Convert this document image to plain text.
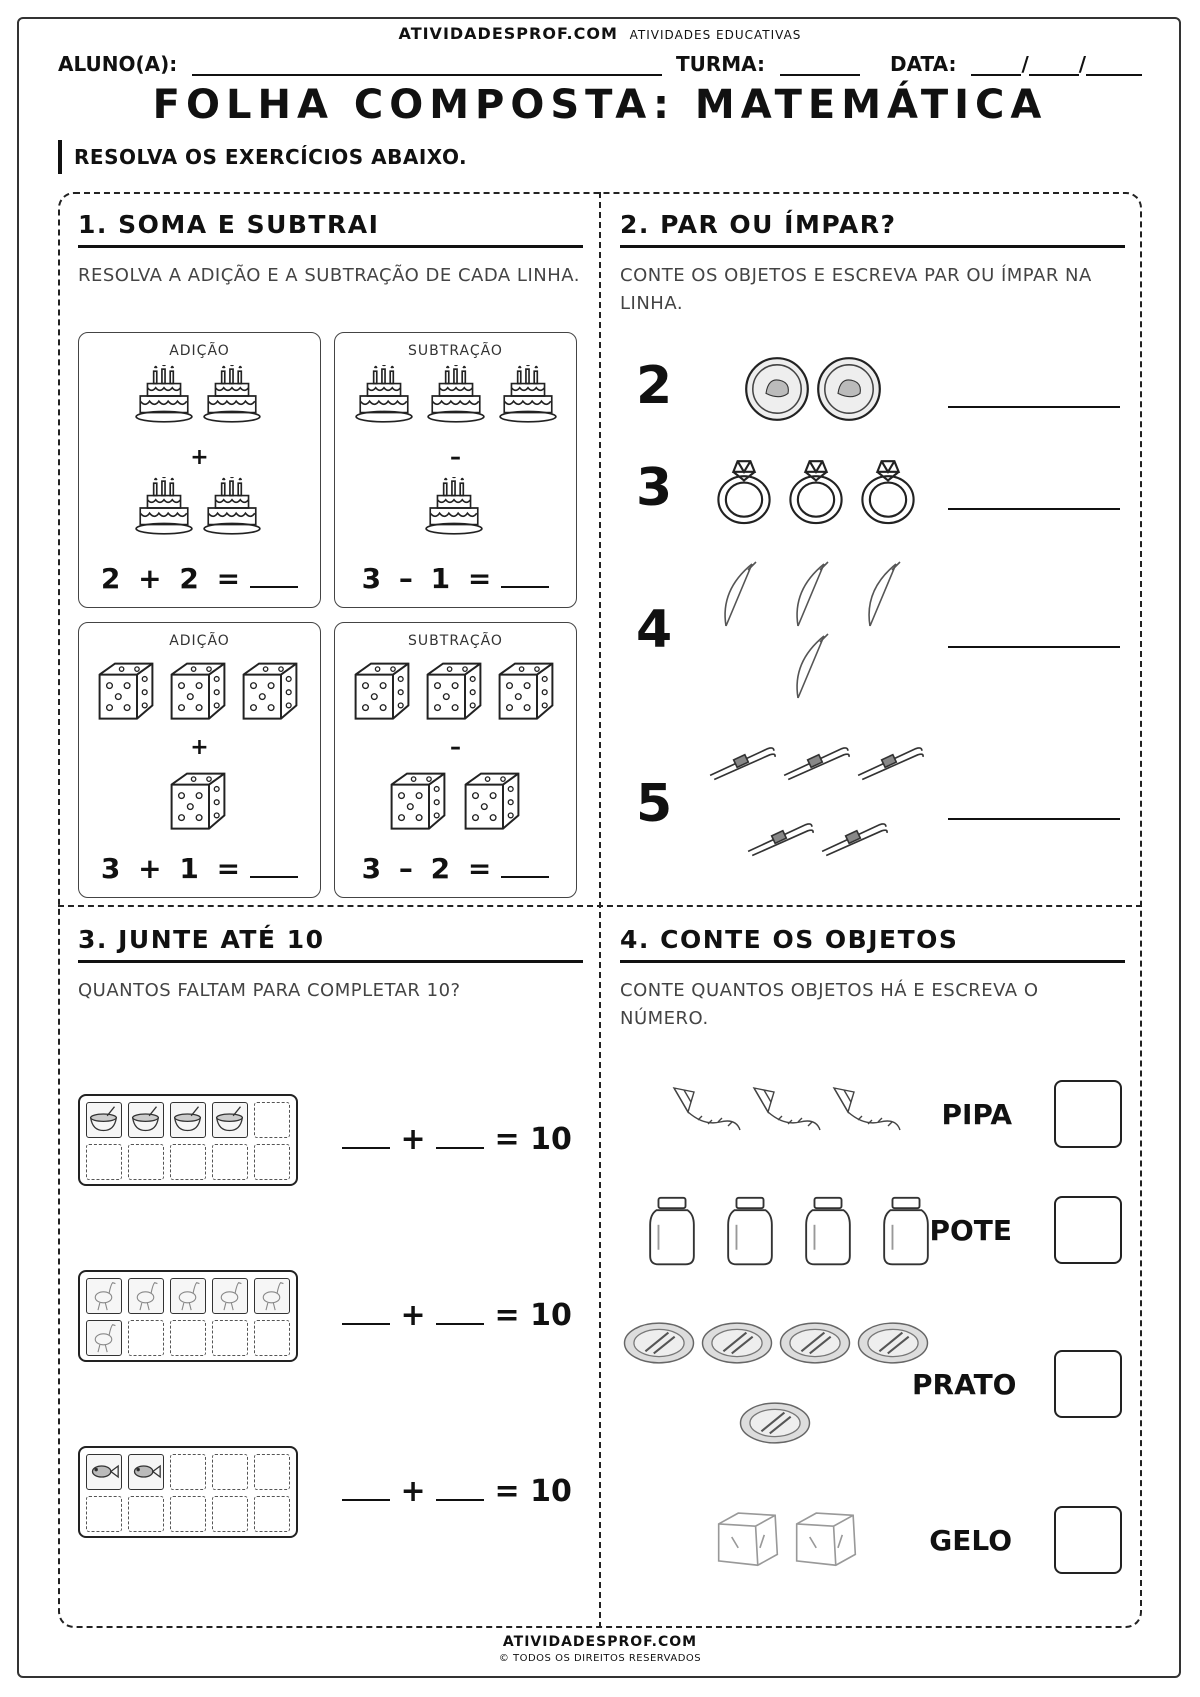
ATIVIDADESPROF.COM ATIVIDADES EDUCATIVAS
ALUNO(A):	TURMA:	DATA:	/	/
FOLHA COMPOSTA: MATEMÁTICA
RESOLVA OS EXERCÍCIOS ABAIXO.
1. SOMA E SUBTRAI
RESOLVA A ADIÇÃO E A SUBTRAÇÃO DE CADA LINHA.
ADIÇÃO
+
2 + 2 =
SUBTRAÇÃO
–
3 – 1 =
ADIÇÃO
+
3 + 1 =
SUBTRAÇÃO
–
3 – 2 =
2. PAR OU ÍMPAR?
CONTE OS OBJETOS E ESCREVA PAR OU ÍMPAR NA LINHA.
2
3
4
5
3. JUNTE ATÉ 10
QUANTOS FALTAM PARA COMPLETAR 10?
+ = 10
+ = 10
+ = 10
4. CONTE OS OBJETOS
CONTE QUANTOS OBJETOS HÁ E ESCREVA O NÚMERO.
PIPA
POTE
PRATO
GELO
ATIVIDADESPROF.COM
© TODOS OS DIREITOS RESERVADOS
